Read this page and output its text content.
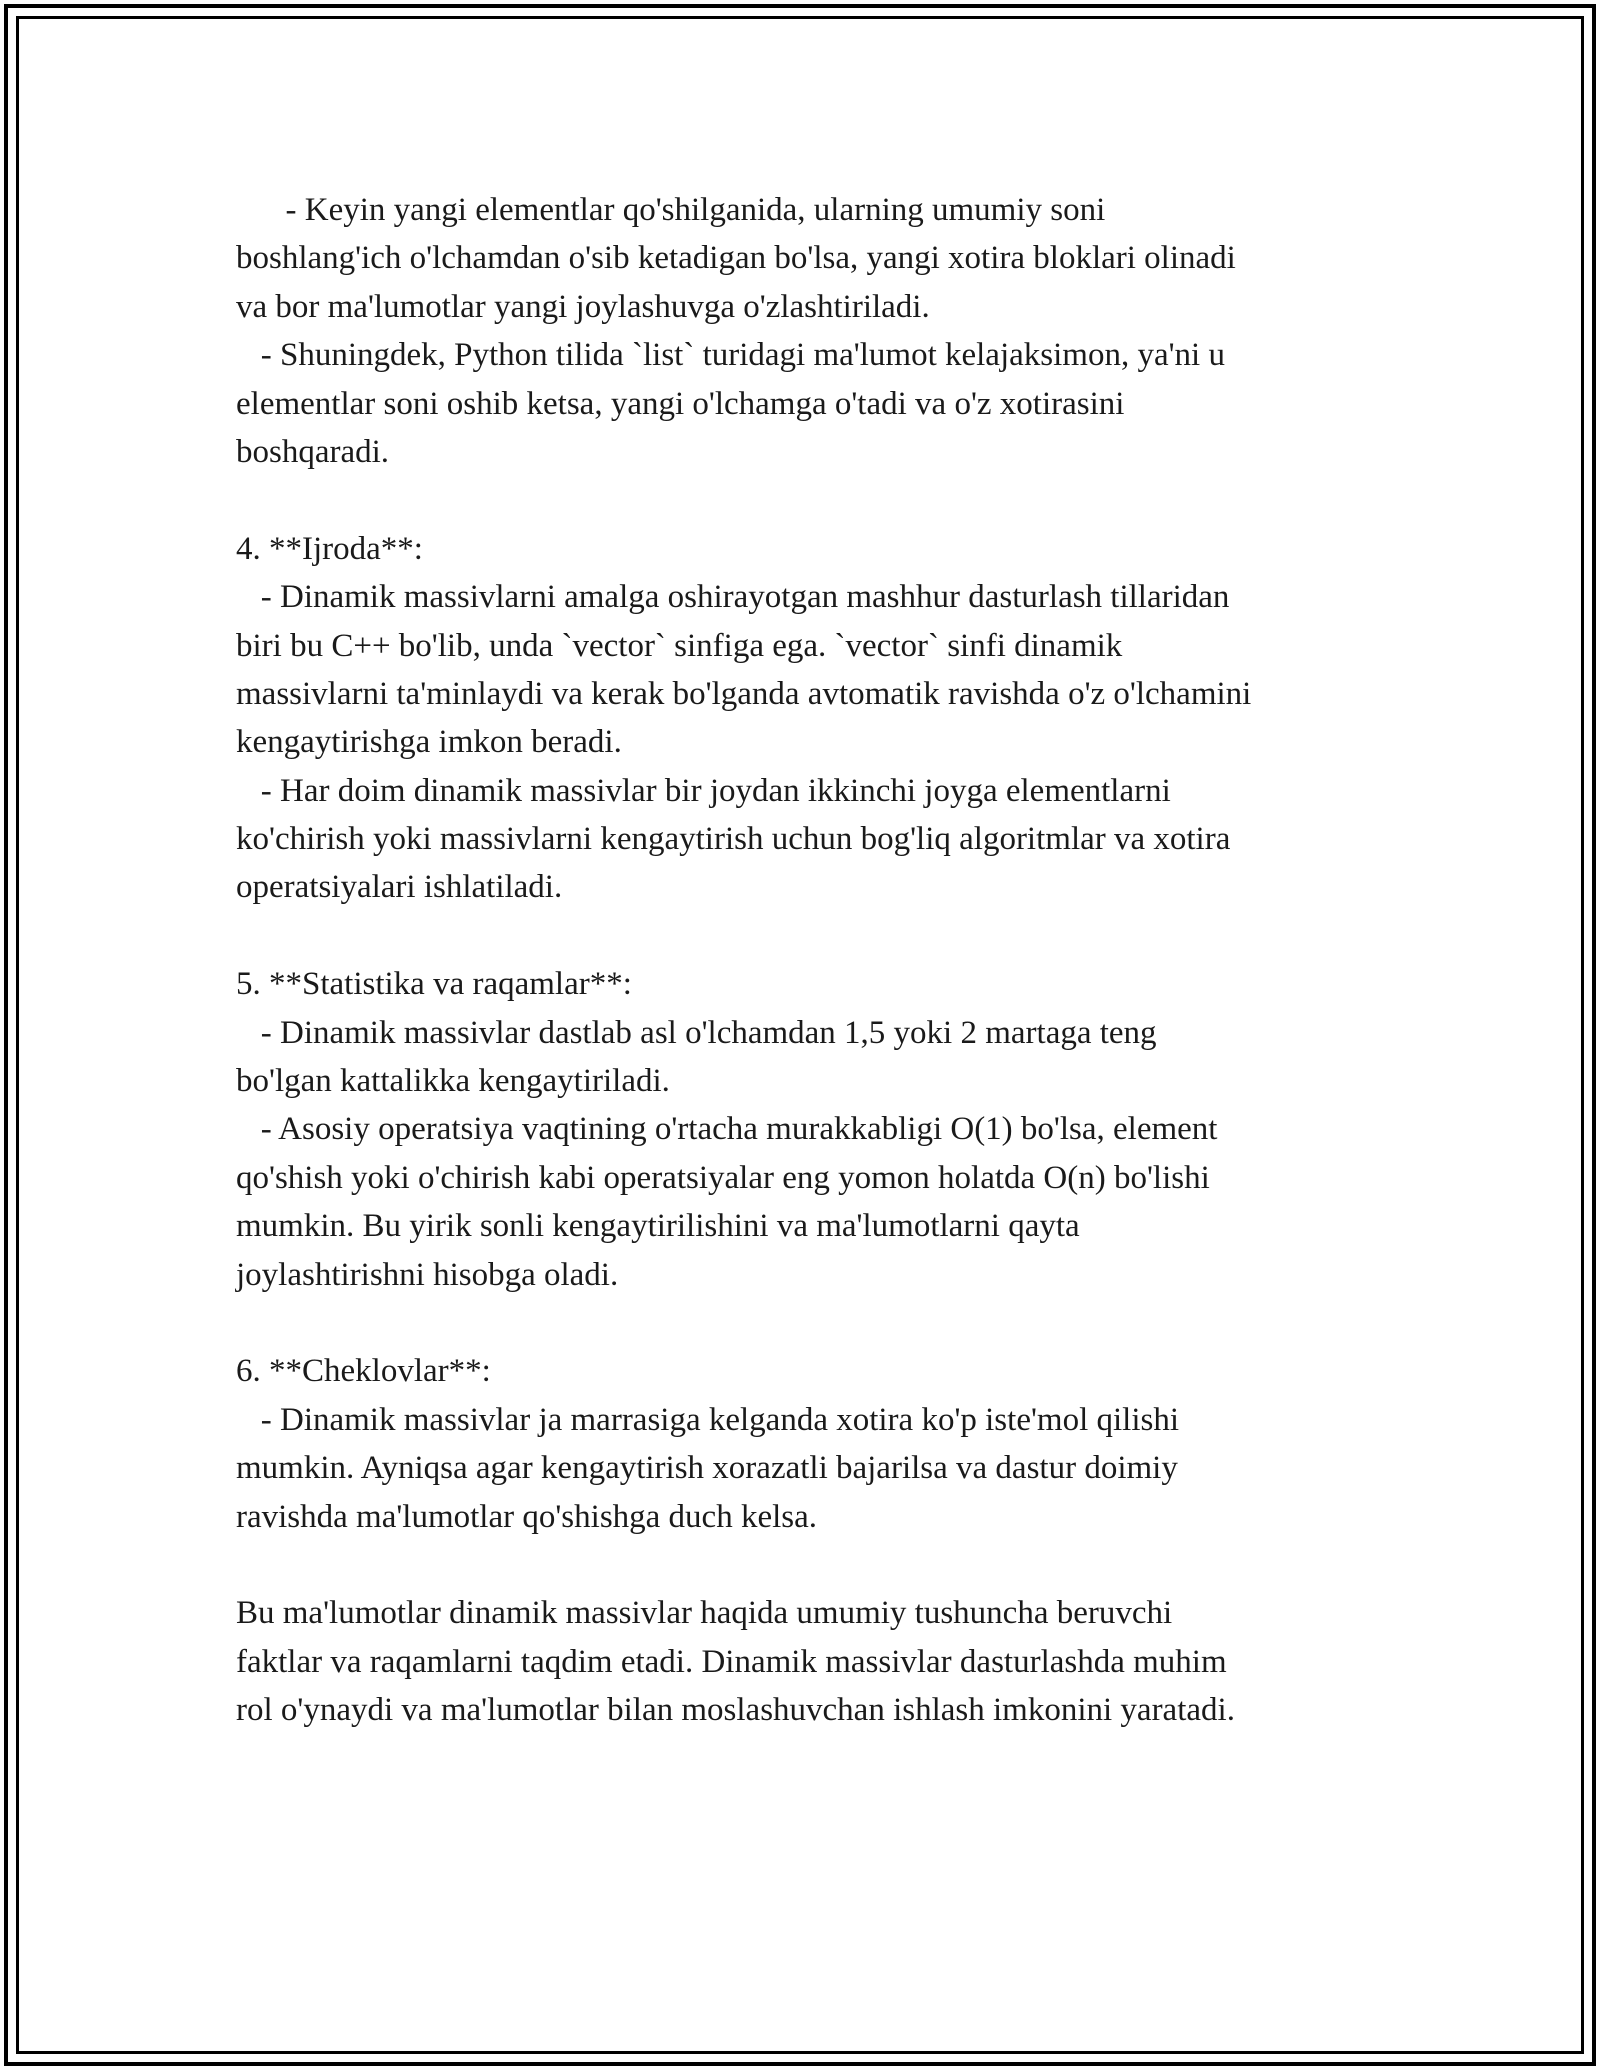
- Keyin yangi elementlar qo'shilganida, ularning umumiy soni
boshlang'ich o'lchamdan o'sib ketadigan bo'lsa, yangi xotira bloklari olinadi
va bor ma'lumotlar yangi joylashuvga o'zlashtiriladi.
- Shuningdek, Python tilida `list` turidagi ma'lumot kelajaksimon, ya'ni u
elementlar soni oshib ketsa, yangi o'lchamga o'tadi va o'z xotirasini
boshqaradi.
4. **Ijroda**:
- Dinamik massivlarni amalga oshirayotgan mashhur dasturlash tillaridan
biri bu C++ bo'lib, unda `vector` sinfiga ega. `vector` sinfi dinamik
massivlarni ta'minlaydi va kerak bo'lganda avtomatik ravishda o'z o'lchamini
kengaytirishga imkon beradi.
- Har doim dinamik massivlar bir joydan ikkinchi joyga elementlarni
ko'chirish yoki massivlarni kengaytirish uchun bog'liq algoritmlar va xotira
operatsiyalari ishlatiladi.
5. **Statistika va raqamlar**:
- Dinamik massivlar dastlab asl o'lchamdan 1,5 yoki 2 martaga teng
bo'lgan kattalikka kengaytiriladi.
- Asosiy operatsiya vaqtining o'rtacha murakkabligi O(1) bo'lsa, element
qo'shish yoki o'chirish kabi operatsiyalar eng yomon holatda O(n) bo'lishi
mumkin. Bu yirik sonli kengaytirilishini va ma'lumotlarni qayta
joylashtirishni hisobga oladi.
6. **Cheklovlar**:
- Dinamik massivlar ja marrasiga kelganda xotira ko'p iste'mol qilishi
mumkin. Ayniqsa agar kengaytirish xorazatli bajarilsa va dastur doimiy
ravishda ma'lumotlar qo'shishga duch kelsa.
Bu ma'lumotlar dinamik massivlar haqida umumiy tushuncha beruvchi
faktlar va raqamlarni taqdim etadi. Dinamik massivlar dasturlashda muhim
rol o'ynaydi va ma'lumotlar bilan moslashuvchan ishlash imkonini yaratadi.
